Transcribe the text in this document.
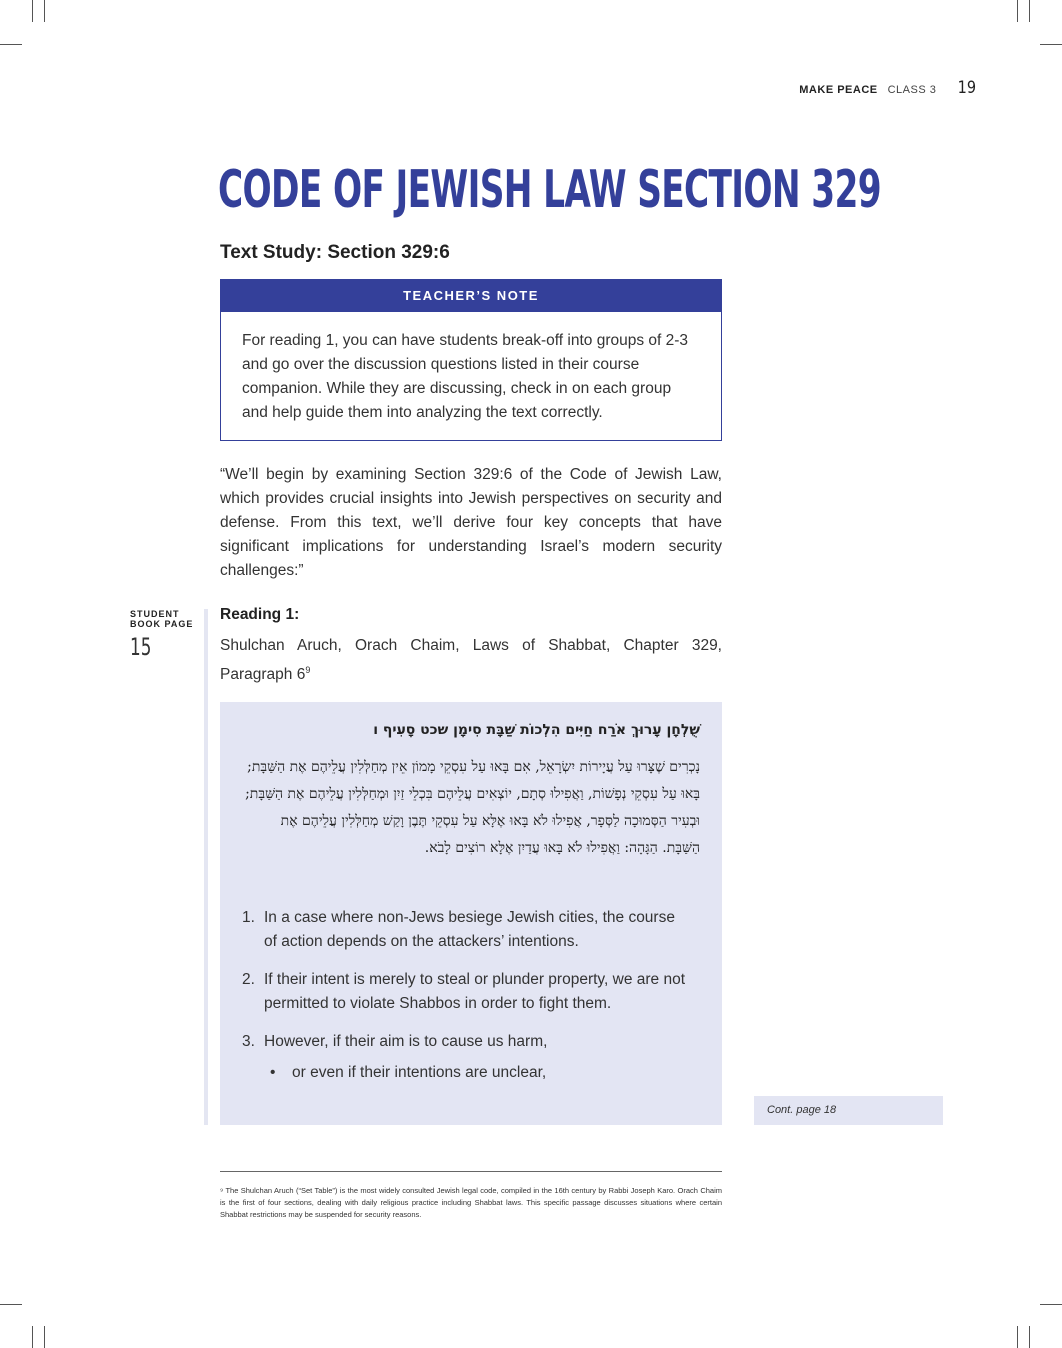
MAKE PEACE CLASS 3 19
CODE OF JEWISH LAW SECTION 329
Text Study: Section 329:6
TEACHER’S NOTE
For reading 1, you can have students break-off into groups of 2-3 and go over the discussion questions listed in their course companion. While they are discussing, check in on each group and help guide them into analyzing the text correctly.

“We’ll begin by examining Section 329:6 of the Code of Jewish Law, which provides crucial insights into Jewish perspectives on security and defense. From this text, we’ll derive four key concepts that have significant implications for understanding Israel’s modern security challenges:”

STUDENT
BOOK PAGE
15
Reading 1:

Shulchan Aruch, Orach Chaim, Laws of Shabbat, Chapter 329, Paragraph $6^9$

שֻׁלְחָן עָרוּךְ אֹרַח חַיִּים הִלְכוֹת שַׁבָּת סִימָן שכט סָעִיף ו
נָכְרִים שֶׁצָּרוּ עַל עֲיָירוֹת יִשְׂרָאֵל, אִם בָּאוּ עַל עִסְקֵי מָמוֹן אֵין מְחַלְּלִין עֲלֵיהֶם אֶת הַשַּׁבָּת; בָּאוּ עַל עִסְקֵי נְפָשׁוֹת, וַאֲפִילוּ סְתָם, יוֹצְאִים עֲלֵיהֶם בִּכְלֵי זַיִן וּמְחַלְּלִין עֲלֵיהֶם אֶת הַשַּׁבָּת; וּבְעִיר הַסְּמוּכָה לַסְּפָר, אֲפִילוּ לֹא בָּאוּ אֶלָּא עַל עִסְקֵי תֶּבֶן וָקַשׁ מְחַלְּלִין עֲלֵיהֶם אֶת הַשַּׁבָּת. הַגָּהָה: וַאֲפִילוּ לֹא בָּאוּ עֲדַיִן אֶלָּא רוֹצִים לָבֹא.
1. In a case where non-Jews besiege Jewish cities, the course of action depends on the attackers’ intentions.
2. If their intent is merely to steal or plunder property, we are not permitted to violate Shabbos in order to fight them.
3. However, if their aim is to cause us harm,
•	or even if their intentions are unclear,
Cont. page 18

⁹ The Shulchan Aruch (“Set Table”) is the most widely consulted Jewish legal code, compiled in the 16th century by Rabbi Joseph Karo. Orach Chaim is the first of four sections, dealing with daily religious practice including Shabbat laws. This specific passage discusses situations where certain Shabbat restrictions may be suspended for security reasons.
